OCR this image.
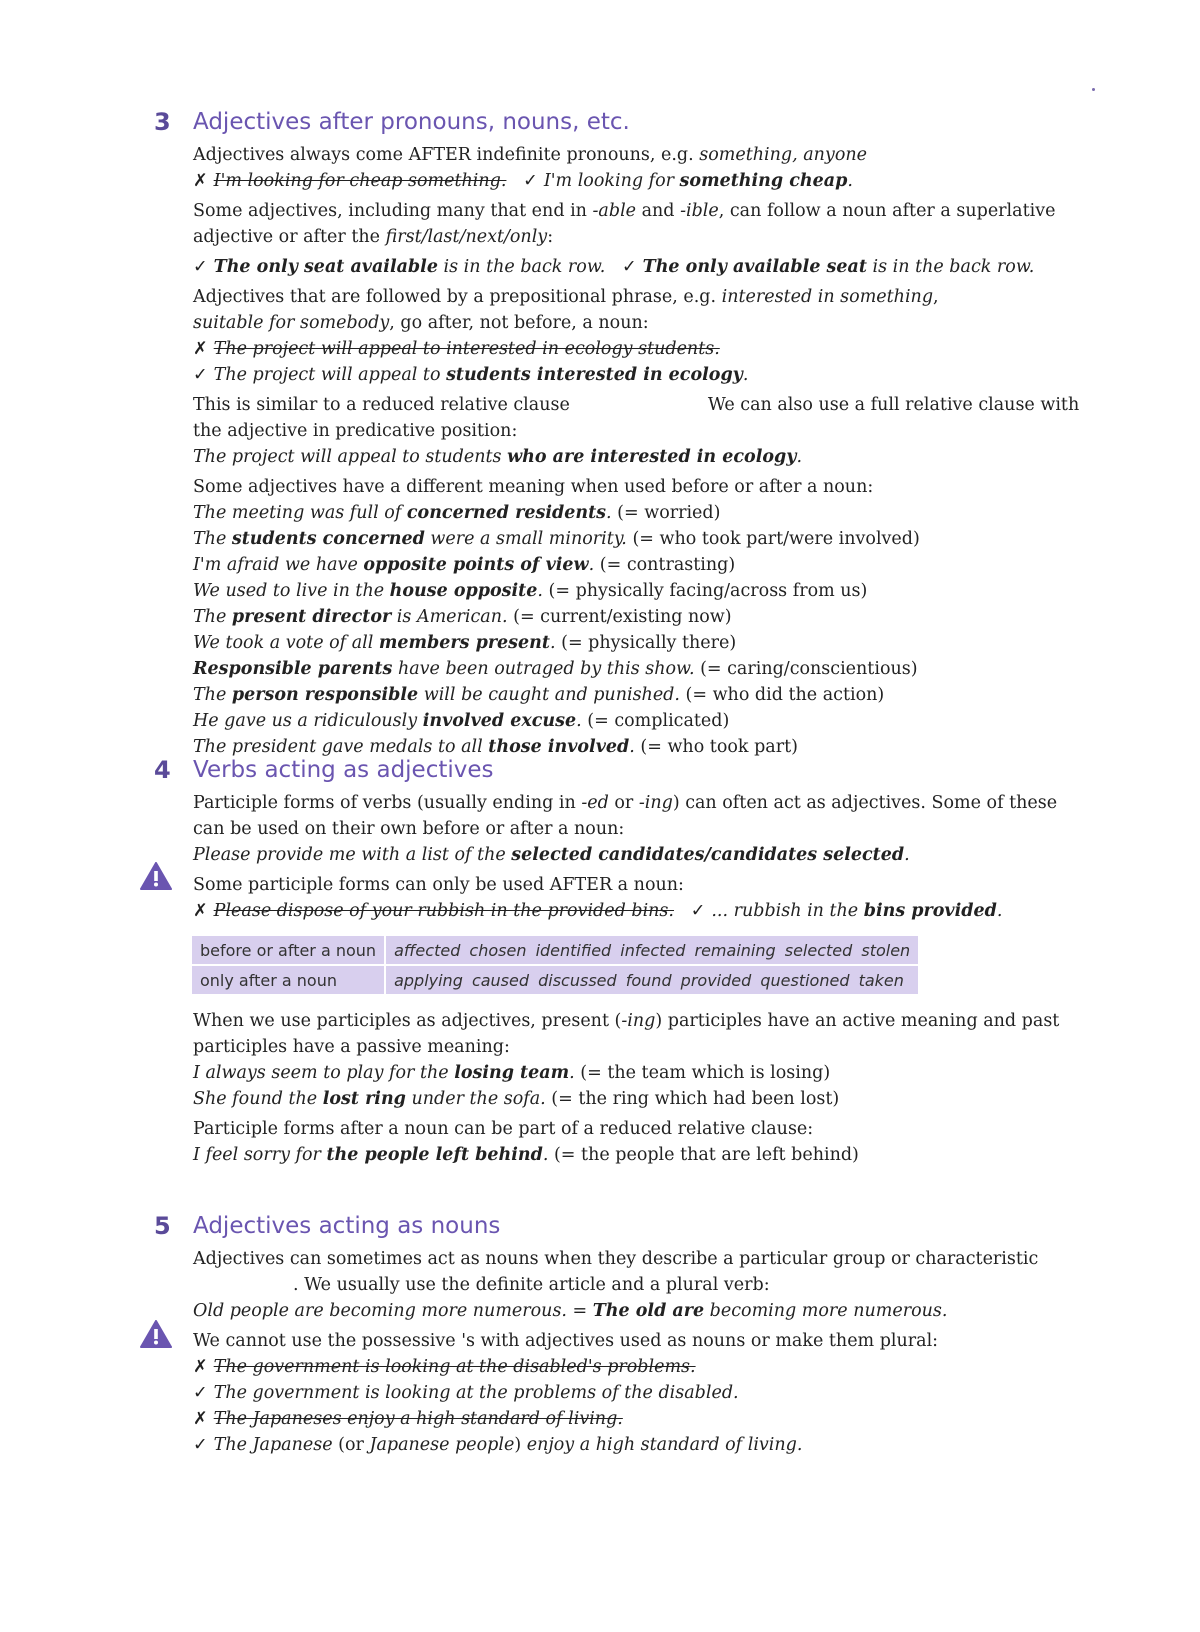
3 Adjectives after pronouns, nouns, etc.

Adjectives always come AFTER indefinite pronouns, e.g. something, anyone

✗ I'm looking for cheap something. ✓ I'm looking for something cheap.

Some adjectives, including many that end in -able and -ible, can follow a noun after a superlative adjective or after the first/last/next/only:

✓ The only seat available is in the back row. ✓ The only available seat is in the back row.

Adjectives that are followed by a prepositional phrase, e.g. interested in something,

suitable for somebody, go after, not before, a noun:

✗ The project will appeal to interested in ecology students.

✓ The project will appeal to students interested in ecology.

This is similar to a reduced relative clause	We can also use a full relative clause with the adjective in predicative position:

The project will appeal to students who are interested in ecology.

Some adjectives have a different meaning when used before or after a noun:

The meeting was full of concerned residents. (= worried)

The students concerned were a small minority. (= who took part/were involved)

I'm afraid we have opposite points of view. (= contrasting)

We used to live in the house opposite. (= physically facing/across from us)

The present director is American. (= current/existing now)

We took a vote of all members present. (= physically there)

Responsible parents have been outraged by this show. (= caring/conscientious)

The person responsible will be caught and punished. (= who did the action)

He gave us a ridiculously involved excuse. (= complicated)

The president gave medals to all those involved. (= who took part)

4 Verbs acting as adjectives

Participle forms of verbs (usually ending in -ed or -ing) can often act as adjectives. Some of these can be used on their own before or after a noun:

Please provide me with a list of the selected candidates/candidates selected.

Some participle forms can only be used AFTER a noun:

✗ Please dispose of your rubbish in the provided bins. ✓ ... rubbish in the bins provided.

before or after a noun	affected chosen identified infected remaining selected stolen
only after a noun	applying caused discussed found provided questioned taken

When we use participles as adjectives, present (-ing) participles have an active meaning and past participles have a passive meaning:

I always seem to play for the losing team. (= the team which is losing)

She found the lost ring under the sofa. (= the ring which had been lost)

Participle forms after a noun can be part of a reduced relative clause:

I feel sorry for the people left behind. (= the people that are left behind)

5 Adjectives acting as nouns

Adjectives can sometimes act as nouns when they describe a particular group or characteristic. We usually use the definite article and a plural verb:

Old people are becoming more numerous. = The old are becoming more numerous.

We cannot use the possessive 's with adjectives used as nouns or make them plural:

✗ The government is looking at the disabled's problems.

✓ The government is looking at the problems of the disabled.

✗ The Japaneses enjoy a high standard of living.

✓ The Japanese (or Japanese people) enjoy a high standard of living.
